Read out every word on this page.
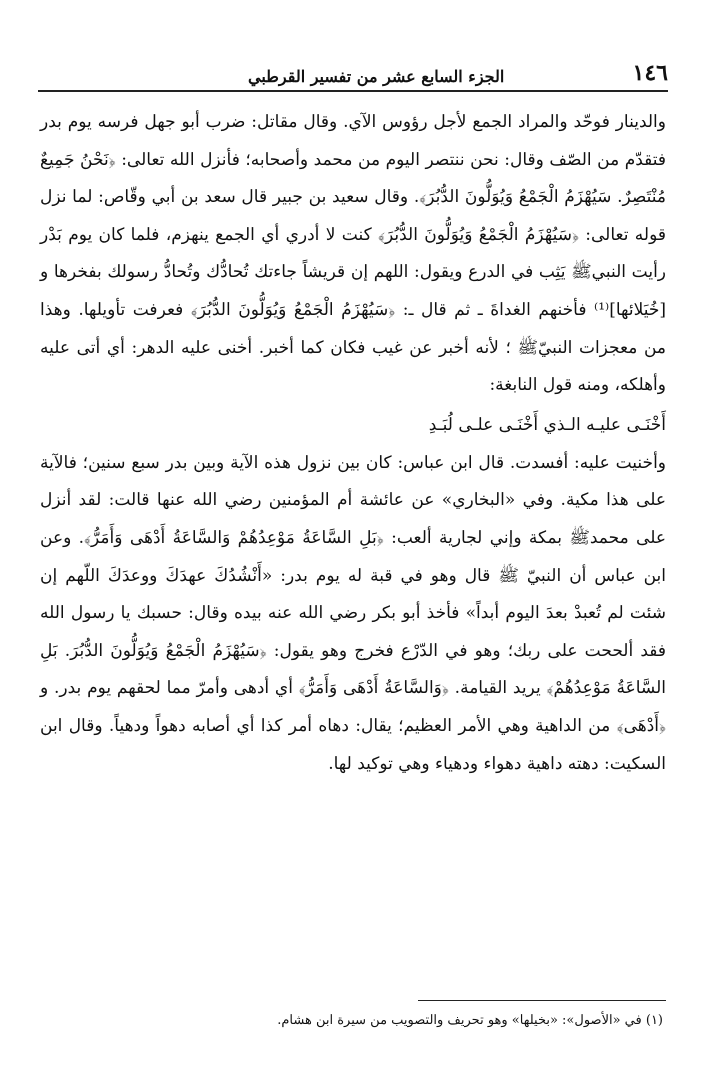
١٤٦
الجزء السابع عشر من تفسير القرطبي

والدينار فوحّد والمراد الجمع لأجل رؤوس الآي. وقال مقاتل: ضرب أبو جهل فرسه يوم بدر فتقدّم من الصّف وقال: نحن ننتصر اليوم من محمد وأصحابه؛ فأنزل الله تعالى: ﴿نَحْنُ جَمِيعٌ مُنْتَصِرٌ. سَيُهْزَمُ الْجَمْعُ وَيُوَلُّونَ الدُّبُرَ﴾. وقال سعيد بن جبير قال سعد بن أبي وقّاص: لما نزل قوله تعالى: ﴿سَيُهْزَمُ الْجَمْعُ وَيُوَلُّونَ الدُّبُرَ﴾ كنت لا أدري أي الجمع ينهزم، فلما كان يوم بَدْر رأيت النبيﷺ يَثِب في الدرع ويقول: اللهم إن قريشاً جاءتك تُحادُّك وتُحادُّ رسولك بفخرها و [خُيَلائها]⁽¹⁾ فأخنهم الغداةَ ـ ثم قال ـ: ﴿سَيُهْزَمُ الْجَمْعُ وَيُوَلُّونَ الدُّبُرَ﴾ فعرفت تأويلها. وهذا من معجزات النبيّﷺ ؛ لأنه أخبر عن غيب فكان كما أخبر. أخنى عليه الدهر: أي أتى عليه وأهلكه، ومنه قول النابغة:

أَخْنَـى عليـه الـذي أَخْنَـى علـى لُبَـدِ

وأخنيت عليه: أفسدت. قال ابن عباس: كان بين نزول هذه الآية وبين بدر سبع سنين؛ فالآية على هذا مكية. وفي «البخاري» عن عائشة أم المؤمنين رضي الله عنها قالت: لقد أنزل على محمدﷺ بمكة وإني لجارية ألعب: ﴿بَلِ السَّاعَةُ مَوْعِدُهُمْ وَالسَّاعَةُ أَدْهَى وَأَمَرُّ﴾. وعن ابن عباس أن النبيّ ﷺ قال وهو في قبة له يوم بدر: «أَنْشُدُكَ عهدَكَ ووعدَكَ اللّهم إن شئت لم تُعبدْ بعدَ اليوم أبداً» فأخذ أبو بكر رضي الله عنه بيده وقال: حسبك يا رسول الله فقد ألححت على ربك؛ وهو في الدّرْع فخرج وهو يقول: ﴿سَيُهْزَمُ الْجَمْعُ وَيُوَلُّونَ الدُّبُرَ. بَلِ السَّاعَةُ مَوْعِدُهُمْ﴾ يريد القيامة. ﴿وَالسَّاعَةُ أَدْهَى وَأَمَرُّ﴾ أي أدهى وأمرّ مما لحقهم يوم بدر. و ﴿أَدْهَى﴾ من الداهية وهي الأمر العظيم؛ يقال: دهاه أمر كذا أي أصابه دهواً ودهياً. وقال ابن السكيت: دهته داهية دهواء ودهياء وهي توكيد لها.

(١) في «الأصول»: «بخيلها» وهو تحريف والتصويب من سيرة ابن هشام.
